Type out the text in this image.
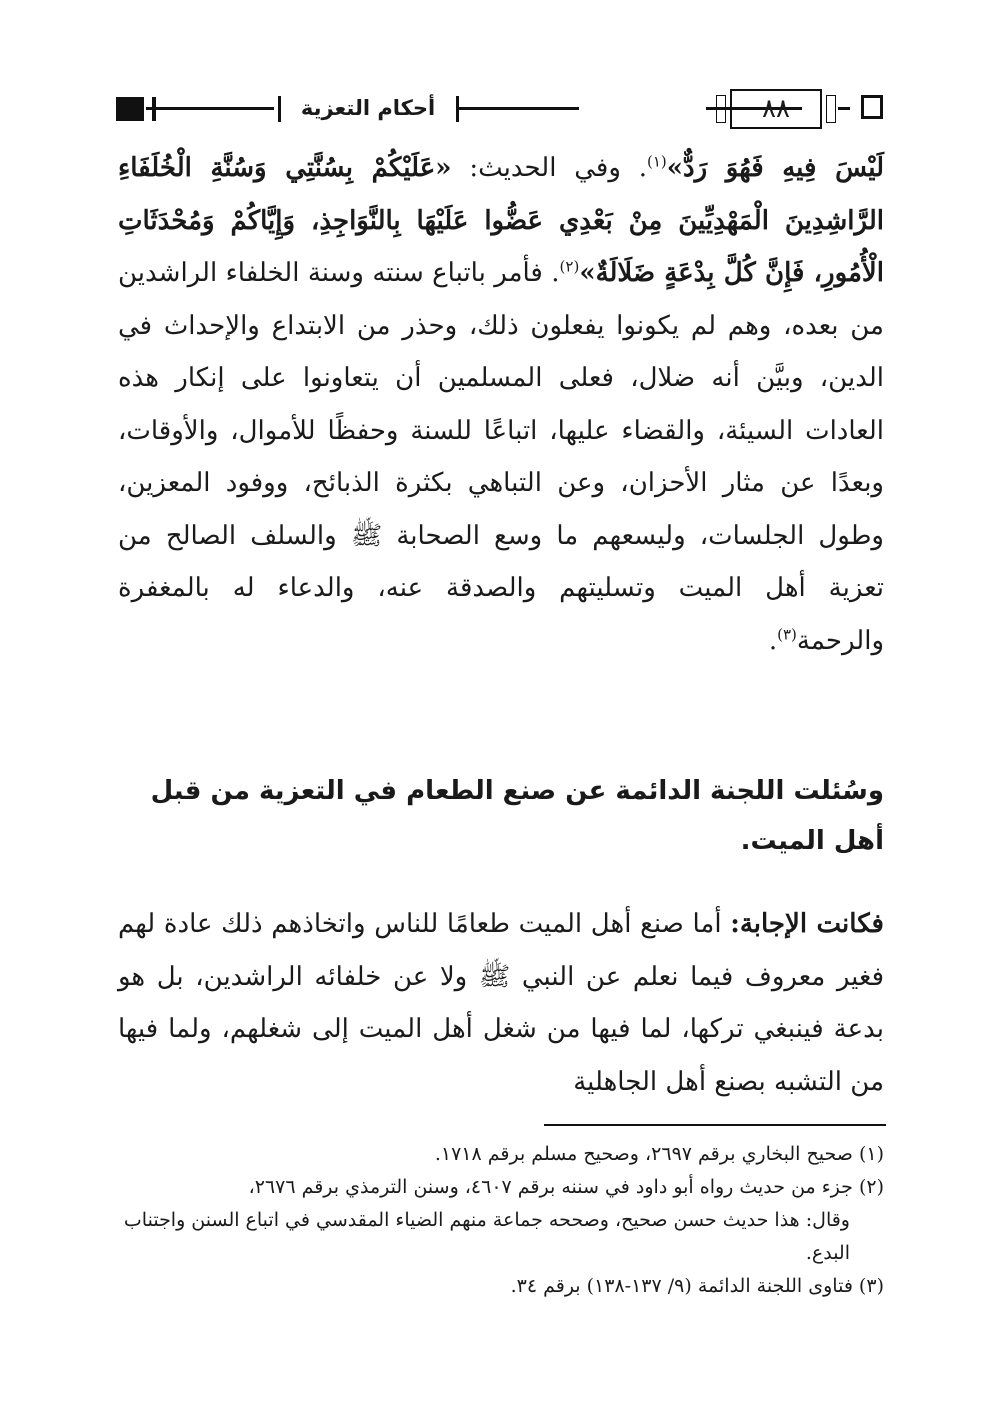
أحكام التعزية	٨٨
لَيْسَ فِيهِ فَهُوَ رَدٌّ»$^{(١)}$. وفي الحديث: «عَلَيْكُمْ بِسُنَّتِي وَسُنَّةِ الْخُلَفَاءِ الرَّاشِدِينَ الْمَهْدِيِّينَ مِنْ بَعْدِي عَضُّوا عَلَيْهَا بِالنَّوَاجِذِ، وَإِيَّاكُمْ وَمُحْدَثَاتِ الْأُمُورِ، فَإِنَّ كُلَّ بِدْعَةٍ ضَلَالَةٌ»$^{(٢)}$. فأمر باتباع سنته وسنة الخلفاء الراشدين من بعده، وهم لم يكونوا يفعلون ذلك، وحذر من الابتداع والإحداث في الدين، وبيَّن أنه ضلال، فعلى المسلمين أن يتعاونوا على إنكار هذه العادات السيئة، والقضاء عليها، اتباعًا للسنة وحفظًا للأموال، والأوقات، وبعدًا عن مثار الأحزان، وعن التباهي بكثرة الذبائح، ووفود المعزين، وطول الجلسات، وليسعهم ما وسع الصحابة ﷺ والسلف الصالح من تعزية أهل الميت وتسليتهم والصدقة عنه، والدعاء له بالمغفرة والرحمة$^{(٣)}$.
وسُئلت اللجنة الدائمة عن صنع الطعام في التعزية من قبل أهل الميت.
فكانت الإجابة: أما صنع أهل الميت طعامًا للناس واتخاذهم ذلك عادة لهم فغير معروف فيما نعلم عن النبي ﷺ ولا عن خلفائه الراشدين، بل هو بدعة فينبغي تركها، لما فيها من شغل أهل الميت إلى شغلهم، ولما فيها من التشبه بصنع أهل الجاهلية
(١) صحيح البخاري برقم ٢٦٩٧، وصحيح مسلم برقم ١٧١٨.
(٢) جزء من حديث رواه أبو داود في سننه برقم ٤٦٠٧، وسنن الترمذي برقم ٢٦٧٦،
وقال: هذا حديث حسن صحيح، وصححه جماعة منهم الضياء المقدسي في اتباع السنن واجتناب البدع.
(٣) فتاوى اللجنة الدائمة (٩/ ١٣٧-١٣٨) برقم ٣٤.
